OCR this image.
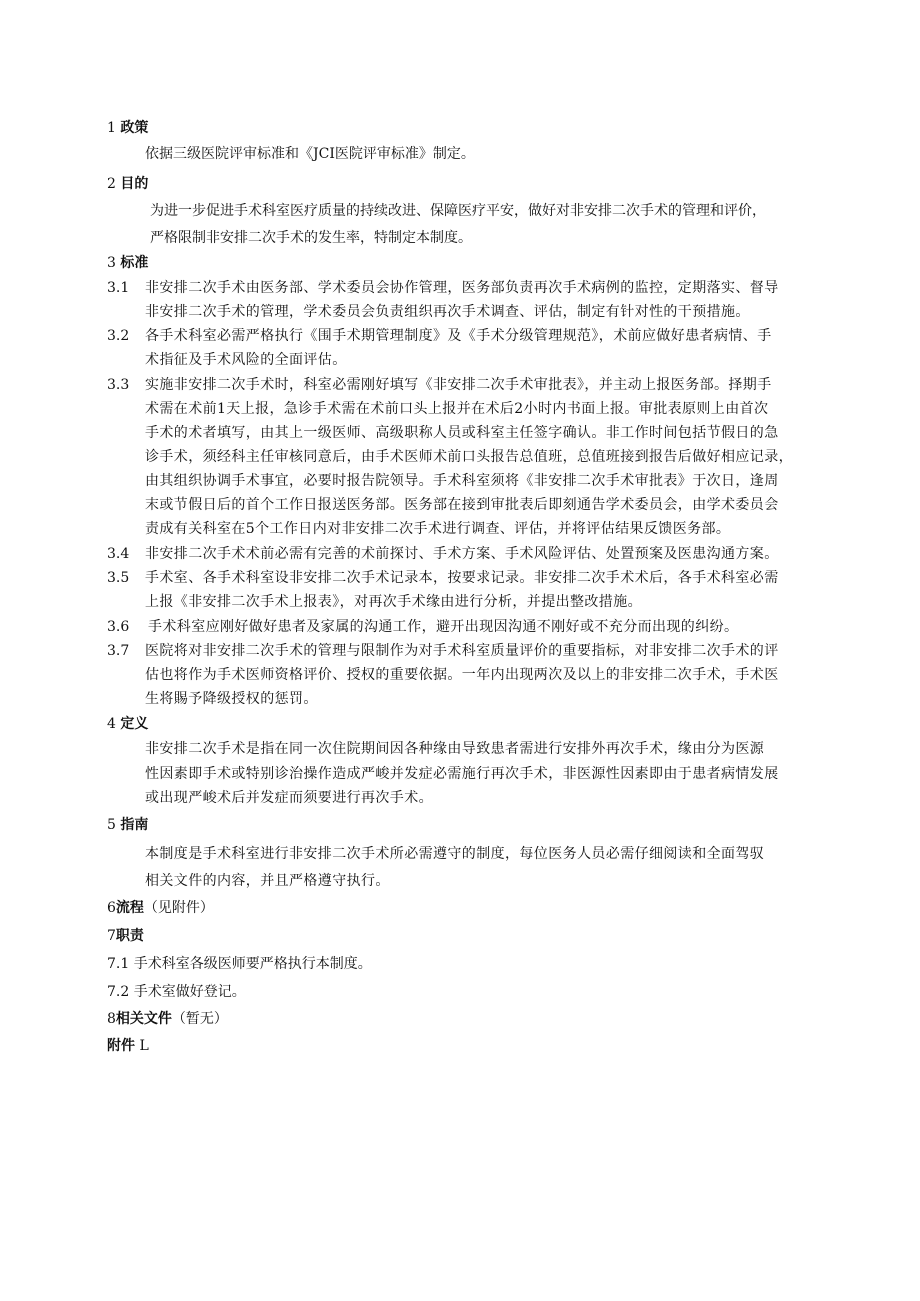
1 政策
依据三级医院评审标准和《JCI医院评审标准》制定。
2 目的
为进一步促进手术科室医疗质量的持续改进、保障医疗平安，做好对非安排二次手术的管理和评价，
严格限制非安排二次手术的发生率，特制定本制度。
3 标准
3.1 非安排二次手术由医务部、学术委员会协作管理，医务部负责再次手术病例的监控，定期落实、督导
非安排二次手术的管理，学术委员会负责组织再次手术调查、评估，制定有针对性的干预措施。
3.2 各手术科室必需严格执行《围手术期管理制度》及《手术分级管理规范》，术前应做好患者病情、手
术指征及手术风险的全面评估。
3.3 实施非安排二次手术时，科室必需刚好填写《非安排二次手术审批表》，并主动上报医务部。择期手
术需在术前1天上报，急诊手术需在术前口头上报并在术后2小时内书面上报。审批表原则上由首次
手术的术者填写，由其上一级医师、高级职称人员或科室主任签字确认。非工作时间包括节假日的急
诊手术，须经科主任审核同意后，由手术医师术前口头报告总值班，总值班接到报告后做好相应记录，
由其组织协调手术事宜，必要时报告院领导。手术科室须将《非安排二次手术审批表》于次日，逢周
末或节假日后的首个工作日报送医务部。医务部在接到审批表后即刻通告学术委员会，由学术委员会
责成有关科室在5个工作日内对非安排二次手术进行调查、评估，并将评估结果反馈医务部。
3.4 非安排二次手术术前必需有完善的术前探讨、手术方案、手术风险评估、处置预案及医患沟通方案。
3.5 手术室、各手术科室设非安排二次手术记录本，按要求记录。非安排二次手术术后，各手术科室必需
上报《非安排二次手术上报表》，对再次手术缘由进行分析，并提出整改措施。
3.6 手术科室应刚好做好患者及家属的沟通工作，避开出现因沟通不刚好或不充分而出现的纠纷。
3.7 医院将对非安排二次手术的管理与限制作为对手术科室质量评价的重要指标，对非安排二次手术的评
估也将作为手术医师资格评价、授权的重要依据。一年内出现两次及以上的非安排二次手术，手术医
生将賜予降级授权的惩罚。
4 定义
非安排二次手术是指在同一次住院期间因各种缘由导致患者需进行安排外再次手术，缘由分为医源
性因素即手术或特别诊治操作造成严峻并发症必需施行再次手术，非医源性因素即由于患者病情发展
或出现严峻术后并发症而须要进行再次手术。
5 指南
本制度是手术科室进行非安排二次手术所必需遵守的制度，每位医务人员必需仔细阅读和全面驾驭
相关文件的内容，并且严格遵守执行。
6流程（见附件）
7职责
7.1 手术科室各级医师要严格执行本制度。
7.2 手术室做好登记。
8相关文件（暂无）
附件 L
